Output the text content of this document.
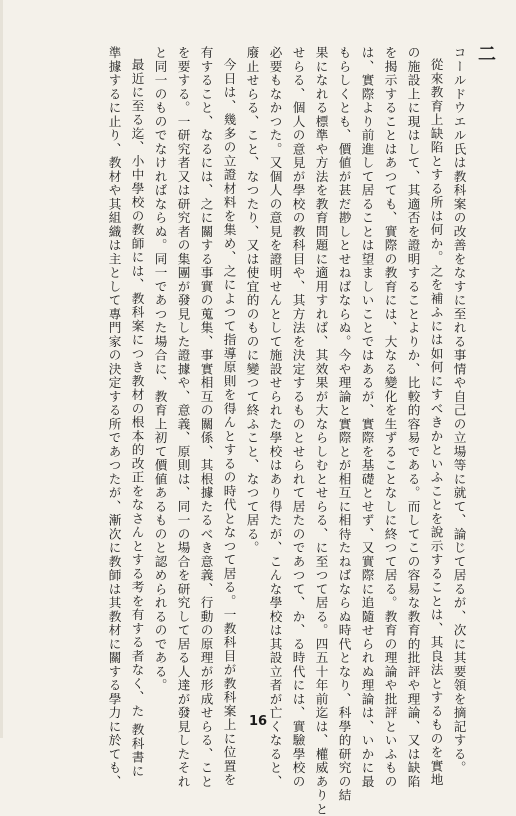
二
コールドウエル氏は教科案の改善をなすに至れる事情や自己の立場等に就て、論じて居るが、次に其要領を摘記する。
從來教育上缺陷とする所は何か。之を補ふには如何にすべきかといふことを說示することは、其良法とするものを實地
の施設上に現はして、其適否を證明することよりか、比較的容易である。而してこの容易な教育的批評や理論、又は缺陷
を揭示することはあつても、實際の教育には、大なる變化を生ずることなしに終つて居る。教育の理論や批評といふもの
は、實際より前進して居ることは望ましいことではあるが、實際を基礎とせず、又實際に追隨せられぬ理論は、いかに最
もらしくとも、價値が甚だ尠しとせねばならぬ。今や理論と實際とが相互に相待たねばならぬ時代となり、科學的研究の結
果になれる標準や方法を教育問題に適用すれば、其效果が大ならしむとせらる、に至つて居る。四五十年前迄は、權威ありと
せらる、個人の意見が學校の教科目や、其方法を決定するものとせられて居たのであつて、か、る時代には、實驗學校の
必要もなかつた。又個人の意見を證明せんとして施設せられた學校はあり得たが、こんな學校は其設立者が亡くなると、
廢止せらる、こと、なつたり、又は使宜的のものに變つて終ふこと、なつて居る。
今日は、幾多の立證材料を集め、之によつて指導原則を得んとするの時代となつて居る。一教科目が教科案上に位置を
有すること、なるには、之に關する事實の蒐集、事實相互の關係、其根據たるべき意義、行動の原理が形成せらる、こと
を要する。一研究者又は研究者の集團が發見した證據や、意義、原則は、同一の場合を研究して居る人達が發見したそれ
と同一のものでなければならぬ。同一であつた場合に、教育上初て價値あるものと認められるのである。
最近に至る迄、小中學校の教師には、教科案につき教材の根本的改正をなさんとする考を有する者なく、た 教科書に
準據するに止り、教材や其組織は主として專門家の決定する所であつたが、漸次に教師は其教材に關する學力に於ても、	16
